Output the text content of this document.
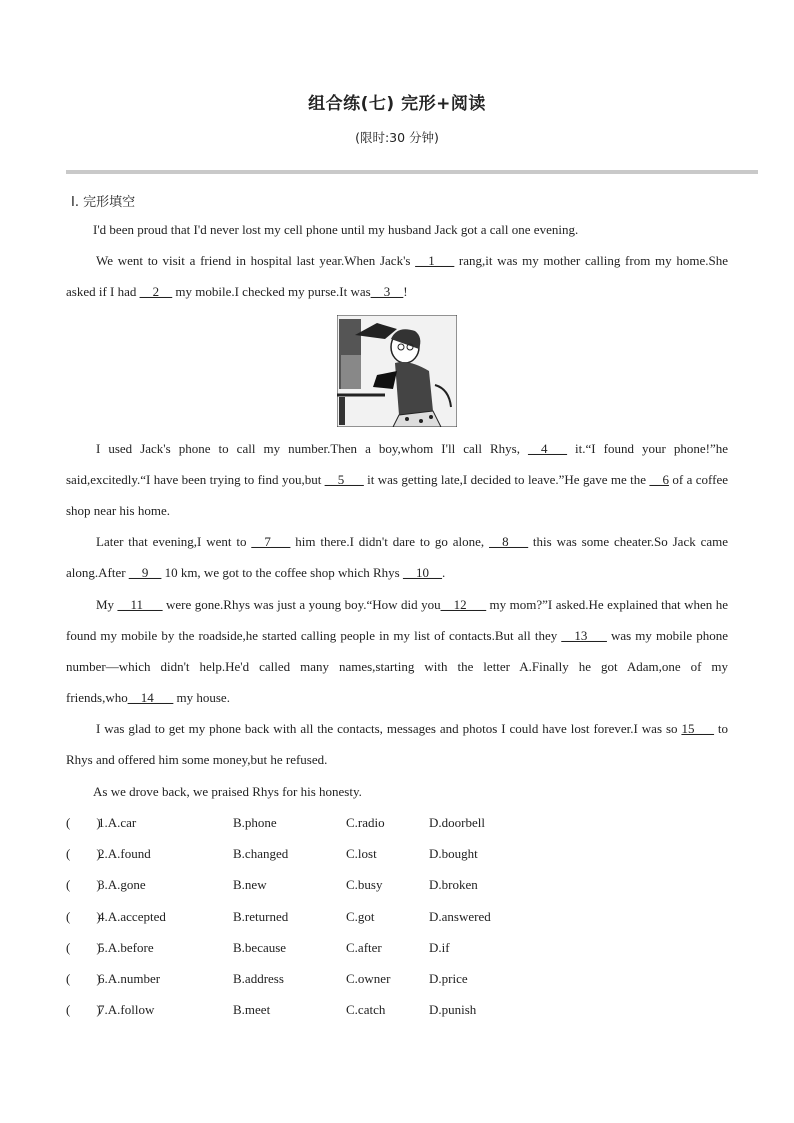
组合练(七) 完形+阅读
(限时:30 分钟)
Ⅰ. 完形填空
I'd been proud that I'd never lost my cell phone until my husband Jack got a call one evening.
We went to visit a friend in hospital last year.When Jack's __1___ rang,it was my mother calling from my home.She asked if I had __2__ my mobile.I checked my purse.It was__3__!
I used Jack's phone to call my number.Then a boy,whom I'll call Rhys, __4___ it.“I found your phone!”he said,excitedly.“I have been trying to find you,but __5___ it was getting late,I decided to leave.”He gave me the __6 of a coffee shop near his home.
Later that evening,I went to __7___ him there.I didn't dare to go alone, __8___ this was some cheater.So Jack came along.After __9__ 10 km, we got to the coffee shop which Rhys __10__.
My __11___ were gone.Rhys was just a young boy.“How did you__12___ my mom?”I asked.He explained that when he found my mobile by the roadside,he started calling people in my list of contacts.But all they __13___ was my mobile phone number—which didn't help.He'd called many names,starting with the letter A.Finally he got Adam,one of my friends,who__14___ my house.
I was glad to get my phone back with all the contacts, messages and photos I could have lost forever.I was so 15___ to Rhys and offered him some money,but he refused.
As we drove back, we praised Rhys for his honesty.
(        )
1.A.car	B.phone	C.radio	D.doorbell
(        )
2.A.found	B.changed	C.lost	D.bought
(        )
3.A.gone	B.new	C.busy	D.broken
(        )
4.A.accepted	B.returned	C.got	D.answered
(        )
5.A.before	B.because	C.after	D.if
(        )
6.A.number	B.address	C.owner	D.price
(        )
7.A.follow	B.meet	C.catch	D.punish
